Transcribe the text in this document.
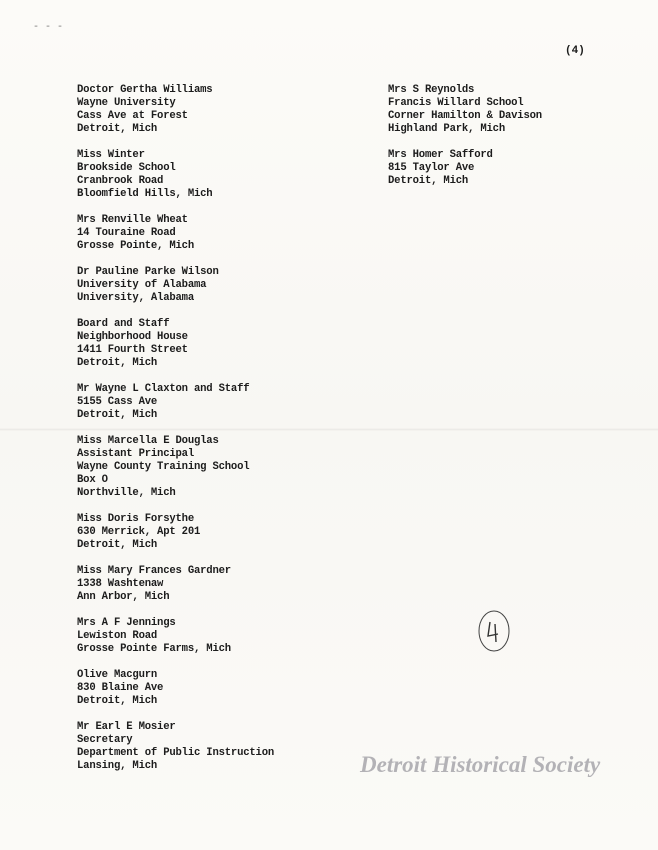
- - -
(4)
Doctor Gertha Williams
Wayne University
Cass Ave at Forest
Detroit, Mich
Miss Winter
Brookside School
Cranbrook Road
Bloomfield Hills, Mich
Mrs Renville Wheat
14 Touraine Road
Grosse Pointe, Mich
Dr Pauline Parke Wilson
University of Alabama
University, Alabama
Board and Staff
Neighborhood House
1411 Fourth Street
Detroit, Mich
Mr Wayne L Claxton and Staff
5155 Cass Ave
Detroit, Mich
Miss Marcella E Douglas
Assistant Principal
Wayne County Training School
Box O
Northville, Mich
Miss Doris Forsythe
630 Merrick, Apt 201
Detroit, Mich
Miss Mary Frances Gardner
1338 Washtenaw
Ann Arbor, Mich
Mrs A F Jennings
Lewiston Road
Grosse Pointe Farms, Mich
Olive Macgurn
830 Blaine Ave
Detroit, Mich
Mr Earl E Mosier
Secretary
Department of Public Instruction
Lansing, Mich
Mrs S Reynolds
Francis Willard School
Corner Hamilton & Davison
Highland Park, Mich
Mrs Homer Safford
815 Taylor Ave
Detroit, Mich
Detroit Historical Society
